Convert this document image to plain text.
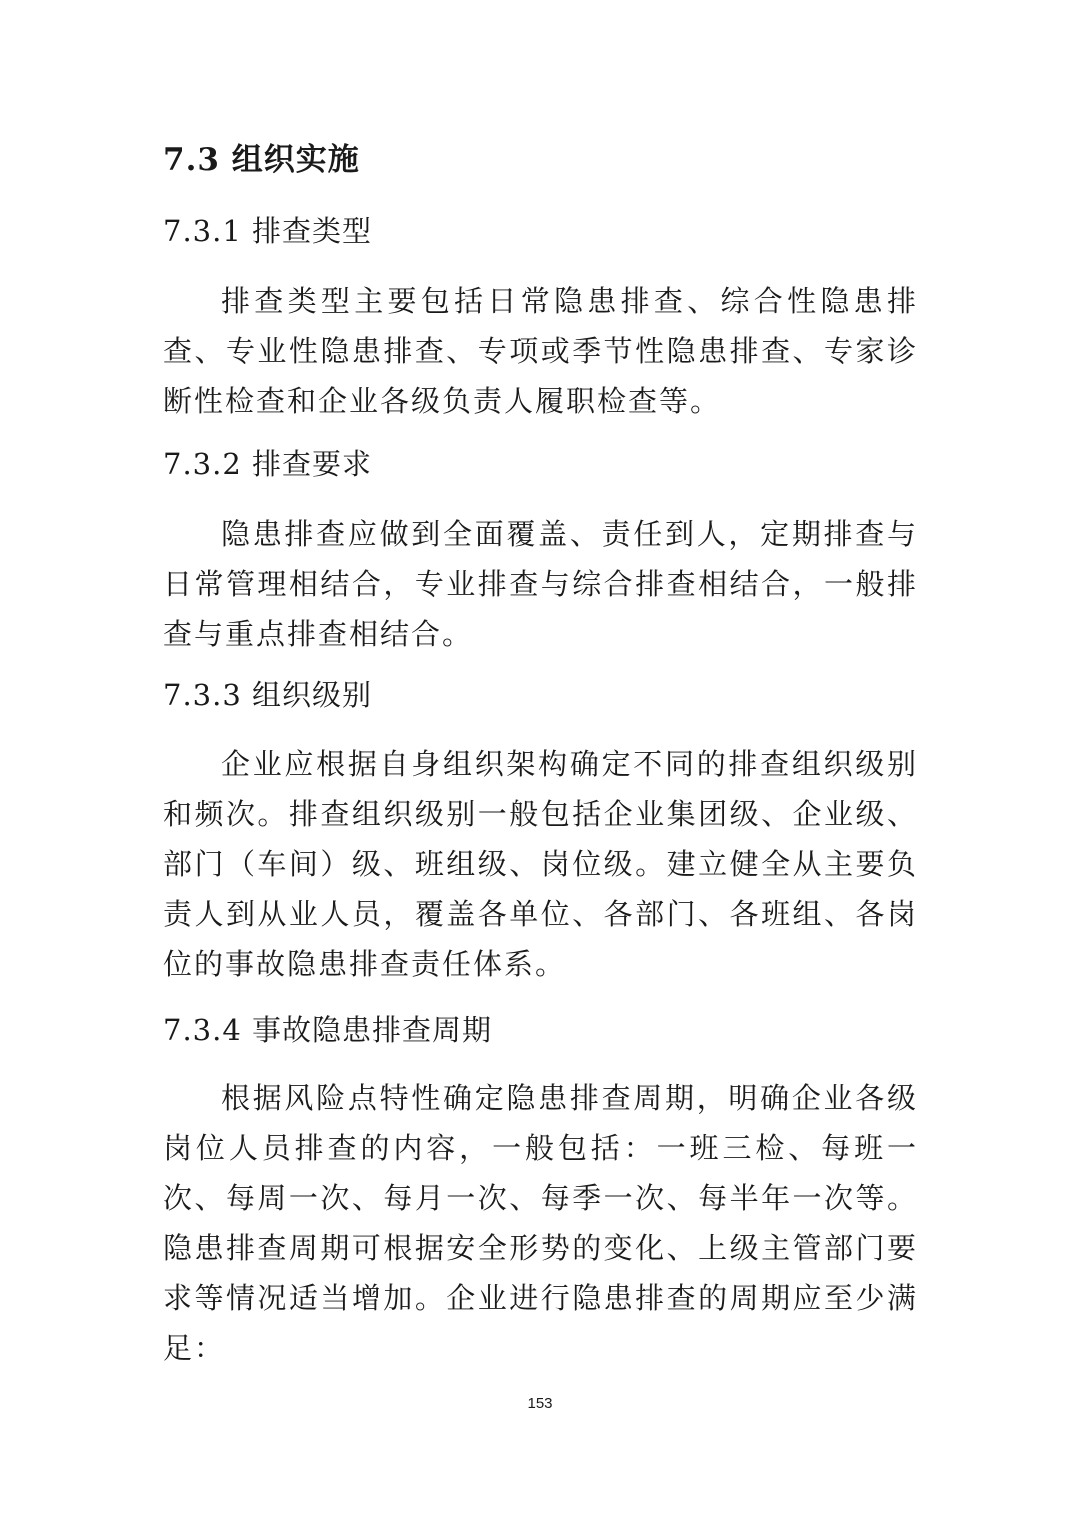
7.3 组织实施
7.3.1 排查类型

排查类型主要包括日常隐患排查、综合性隐患排查、专业性隐患排查、专项或季节性隐患排查、专家诊断性检查和企业各级负责人履职检查等。

7.3.2 排查要求

隐患排查应做到全面覆盖、责任到人，定期排查与日常管理相结合，专业排查与综合排查相结合，一般排查与重点排查相结合。

7.3.3 组织级别

企业应根据自身组织架构确定不同的排查组织级别和频次。排查组织级别一般包括企业集团级、企业级、部门（车间）级、班组级、岗位级。建立健全从主要负责人到从业人员，覆盖各单位、各部门、各班组、各岗位的事故隐患排查责任体系。

7.3.4 事故隐患排查周期

根据风险点特性确定隐患排查周期，明确企业各级岗位人员排查的内容，一般包括：一班三检、每班一次、每周一次、每月一次、每季一次、每半年一次等。隐患排查周期可根据安全形势的变化、上级主管部门要求等情况适当增加。企业进行隐患排查的周期应至少满足：

153
